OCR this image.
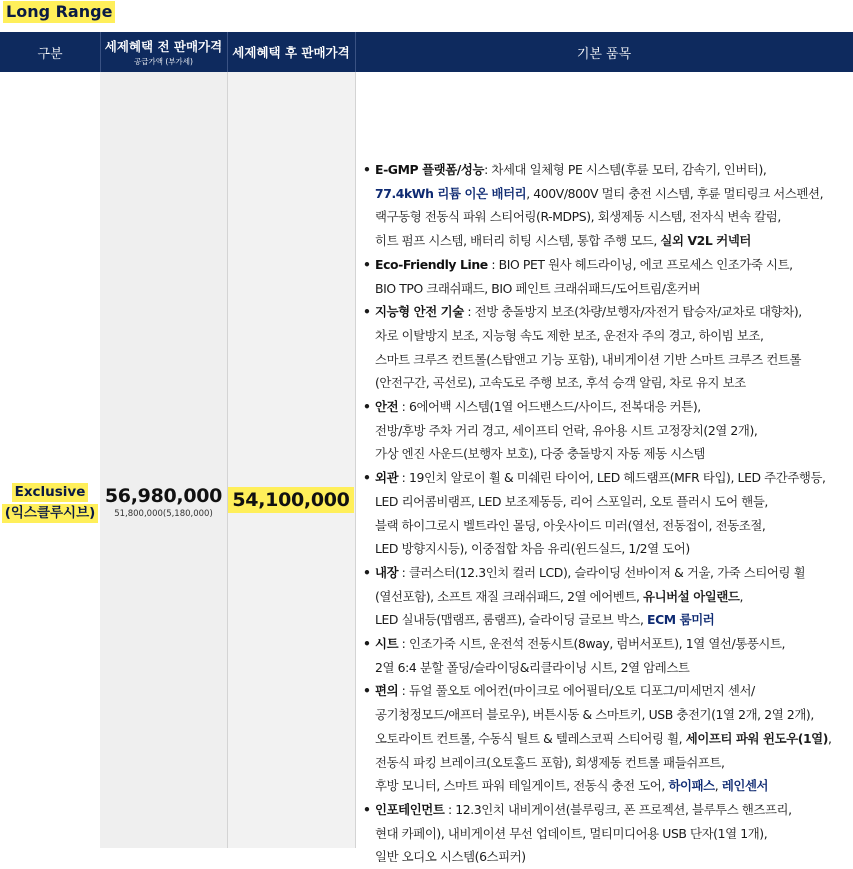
Long Range
구분	세제혜택 전 판매가격
공급가액 (부가세)
세제혜택 후 판매가격	기본 품목
Exclusive
(익스클루시브)
56,980,000
51,800,000(5,180,000)
54,100,000
• E-GMP 플랫폼/성능: 차세대 일체형 PE 시스템(후륜 모터, 감속기, 인버터),
77.4kWh 리튬 이온 배터리, 400V/800V 멀티 충전 시스템, 후륜 멀티링크 서스펜션,
랙구동형 전동식 파워 스티어링(R-MDPS), 회생제동 시스템, 전자식 변속 칼럼,
히트 펌프 시스템, 배터리 히팅 시스템, 통합 주행 모드, 실외 V2L 커넥터
• Eco-Friendly Line : BIO PET 원사 헤드라이닝, 에코 프로세스 인조가죽 시트,
BIO TPO 크래쉬패드, BIO 페인트 크래쉬패드/도어트림/혼커버
• 지능형 안전 기술 : 전방 충돌방지 보조(차량/보행자/자전거 탑승자/교차로 대향차),
차로 이탈방지 보조, 지능형 속도 제한 보조, 운전자 주의 경고, 하이빔 보조,
스마트 크루즈 컨트롤(스탑앤고 기능 포함), 내비게이션 기반 스마트 크루즈 컨트롤
(안전구간, 곡선로), 고속도로 주행 보조, 후석 승객 알림, 차로 유지 보조
• 안전 : 6에어백 시스템(1열 어드밴스드/사이드, 전복대응 커튼),
전방/후방 주차 거리 경고, 세이프티 언락, 유아용 시트 고정장치(2열 2개),
가상 엔진 사운드(보행자 보호), 다중 충돌방지 자동 제동 시스템
• 외관 : 19인치 알로이 휠 & 미쉐린 타이어, LED 헤드램프(MFR 타입), LED 주간주행등,
LED 리어콤비램프, LED 보조제동등, 리어 스포일러, 오토 플러시 도어 핸들,
블랙 하이그로시 벨트라인 몰딩, 아웃사이드 미러(열선, 전동접이, 전동조절,
LED 방향지시등), 이중접합 차음 유리(윈드실드, 1/2열 도어)
• 내장 : 클러스터(12.3인치 컬러 LCD), 슬라이딩 선바이저 & 거울, 가죽 스티어링 휠
(열선포함), 소프트 재질 크래쉬패드, 2열 에어벤트, 유니버설 아일랜드,
LED 실내등(맵램프, 룸램프), 슬라이딩 글로브 박스, ECM 룸미러
• 시트 : 인조가죽 시트, 운전석 전동시트(8way, 럼버서포트), 1열 열선/통풍시트,
2열 6:4 분할 폴딩/슬라이딩&리클라이닝 시트, 2열 암레스트
• 편의 : 듀얼 풀오토 에어컨(마이크로 에어필터/오토 디포그/미세먼지 센서/
공기청정모드/애프터 블로우), 버튼시동 & 스마트키, USB 충전기(1열 2개, 2열 2개),
오토라이트 컨트롤, 수동식 틸트 & 텔레스코픽 스티어링 휠, 세이프티 파워 윈도우(1열),
전동식 파킹 브레이크(오토홀드 포함), 회생제동 컨트롤 패들쉬프트,
후방 모니터, 스마트 파워 테일게이트, 전동식 충전 도어, 하이패스, 레인센서
• 인포테인먼트 : 12.3인치 내비게이션(블루링크, 폰 프로젝션, 블루투스 핸즈프리,
현대 카페이), 내비게이션 무선 업데이트, 멀티미디어용 USB 단자(1열 1개),
일반 오디오 시스템(6스피커)
